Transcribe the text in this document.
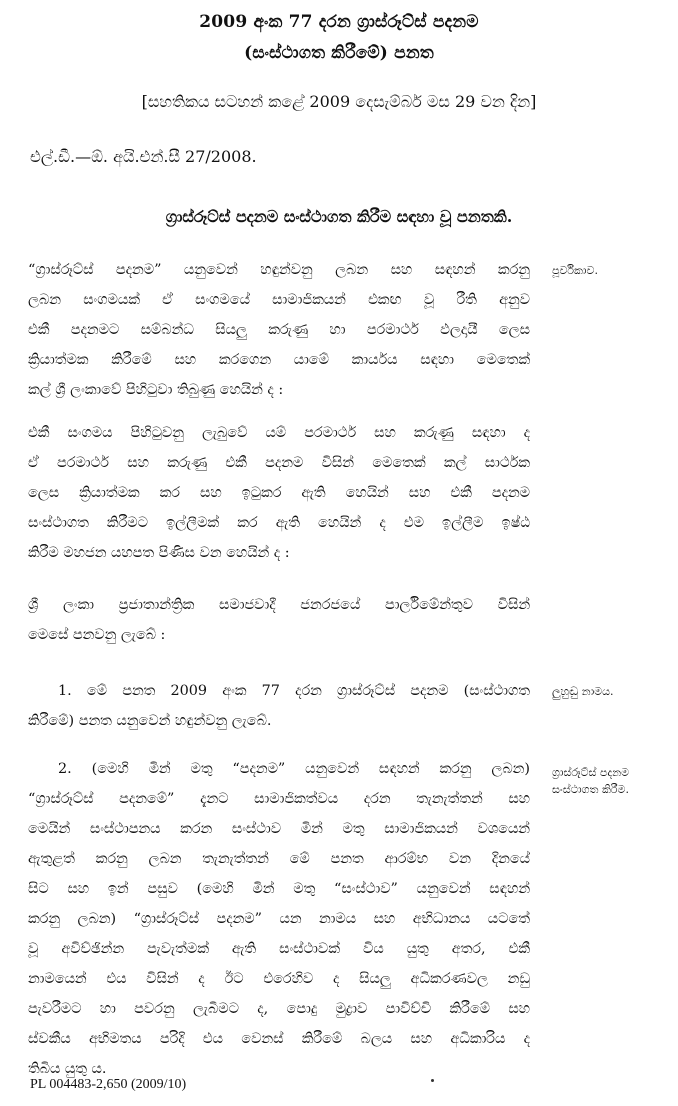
2009 අංක 77 දරන ග්‍රාස්රූට්ස් පදනම
(සංස්ථාගත කිරීමේ) පනත
[සහතිකය සටහන් කළේ 2009 දෙසැම්බර් මස 29 වන දින]
එල්.ඩී.—ඕ. අයි.එන්.සී 27/2008.
ග්‍රාස්රූට්ස් පදනම සංස්ථාගත කිරීම සඳහා වූ පනතකි.
“ග්‍රාස්රූට්ස් පදනම” යනුවෙන් හඳුන්වනු ලබන සහ සඳහන් කරනු
ලබන සංගමයක් ඒ සංගමයේ සාමාජිකයන් එකඟ වූ රීති අනුව
එකී පදනමට සම්බන්ධ සියලු කරුණු හා පරමාර්ථ ඵලදායී ලෙස
ක්‍රියාත්මක කිරීමේ සහ කරගෙන යාමේ කාර්යය සඳහා මෙතෙක්
කල් ශ්‍රී ලංකාවේ පිහිටුවා තිබුණු හෙයින් ද :
පූර්විකාව.
එකී සංගමය පිහිටුවනු ලැබුවේ යම් පරමාර්ථ සහ කරුණු සඳහා ද
ඒ පරමාර්ථ සහ කරුණු එකී පදනම විසින් මෙතෙක් කල් සාර්ථක
ලෙස ක්‍රියාත්මක කර සහ ඉටුකර ඇති හෙයින් සහ එකී පදනම
සංස්ථාගත කිරීමට ඉල්ලීමක් කර ඇති හෙයින් ද එම ඉල්ලීම ඉෂ්ඨ
කිරීම මහජන යහපත පිණිස වන හෙයින් ද :
ශ්‍රී ලංකා ප්‍රජාතාන්ත්‍රික සමාජවාදී ජනරජයේ පාර්ලිමේන්තුව විසින්
මෙසේ පනවනු ලැබේ :
1. මේ පනත 2009 අංක 77 දරන ග්‍රාස්රූට්ස් පදනම (සංස්ථාගත
කිරීමේ) පනත යනුවෙන් හඳුන්වනු ලැබේ.
ලුහුඬු නාමය.
2. (මෙහි මින් මතු “පදනම” යනුවෙන් සඳහන් කරනු ලබන)
“ග්‍රාස්රූට්ස් පදනමේ” දැනට සාමාජිකත්වය දරන තැනැත්තන් සහ
මෙයින් සංස්ථාපනය කරන සංස්ථාව මින් මතු සාමාජිකයන් වශයෙන්
ඇතුළත් කරනු ලබන තැනැත්තන් මේ පනත ආරම්භ වන දිනයේ
සිට සහ ඉන් පසුව (මෙහි මින් මතු “සංස්ථාව” යනුවෙන් සඳහන්
කරනු ලබන) “ග්‍රාස්රූට්ස් පදනම” යන නාමය සහ අභිධානය යටතේ
වූ අවිච්ඡින්න පැවැත්මක් ඇති සංස්ථාවක් විය යුතු අතර, එකී
නාමයෙන් එය විසින් ද ඊට එරෙහිව ද සියලු අධිකරණවල නඩු
පැවරීමට හා පවරනු ලැබීමට ද, පොදු මුද්‍රාව පාවිච්චි කිරීමේ සහ
ස්වකීය අභිමතය පරිදි එය වෙනස් කිරීමේ බලය සහ අධිකාරිය ද
තිබිය යුතු ය.
ග්‍රාස්රූට්ස් පදනම
සංස්ථාගත කිරීම.
PL 004483-2,650 (2009/10)
